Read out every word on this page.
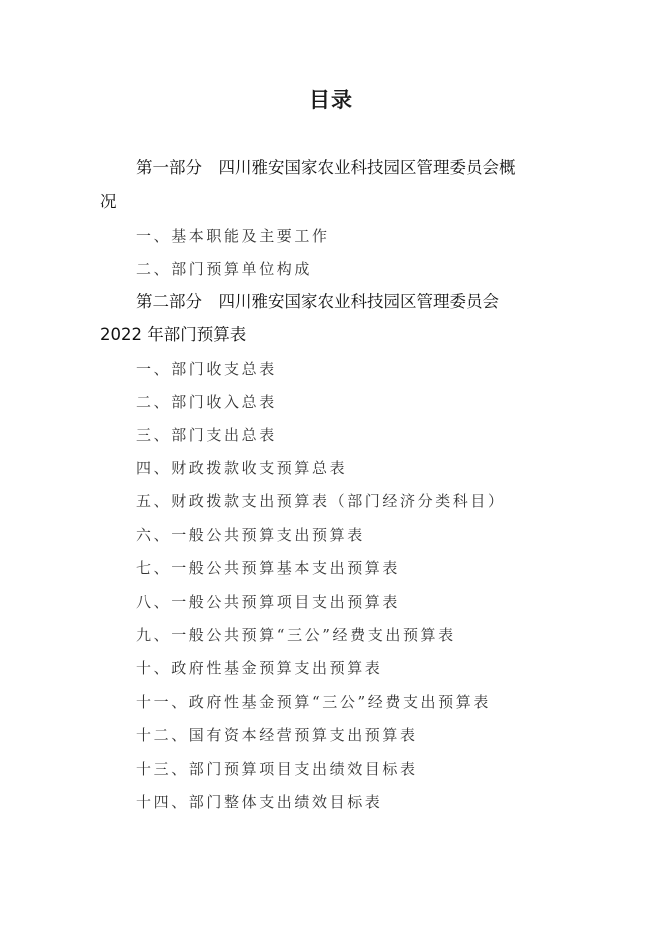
目录
第一部分　四川雅安国家农业科技园区管理委员会概
况
一、基本职能及主要工作
二、部门预算单位构成
第二部分　四川雅安国家农业科技园区管理委员会
2022 年部门预算表
一、部门收支总表
二、部门收入总表
三、部门支出总表
四、财政拨款收支预算总表
五、财政拨款支出预算表（部门经济分类科目）
六、一般公共预算支出预算表
七、一般公共预算基本支出预算表
八、一般公共预算项目支出预算表
九、一般公共预算“三公”经费支出预算表
十、政府性基金预算支出预算表
十一、政府性基金预算“三公”经费支出预算表
十二、国有资本经营预算支出预算表
十三、部门预算项目支出绩效目标表
十四、部门整体支出绩效目标表
